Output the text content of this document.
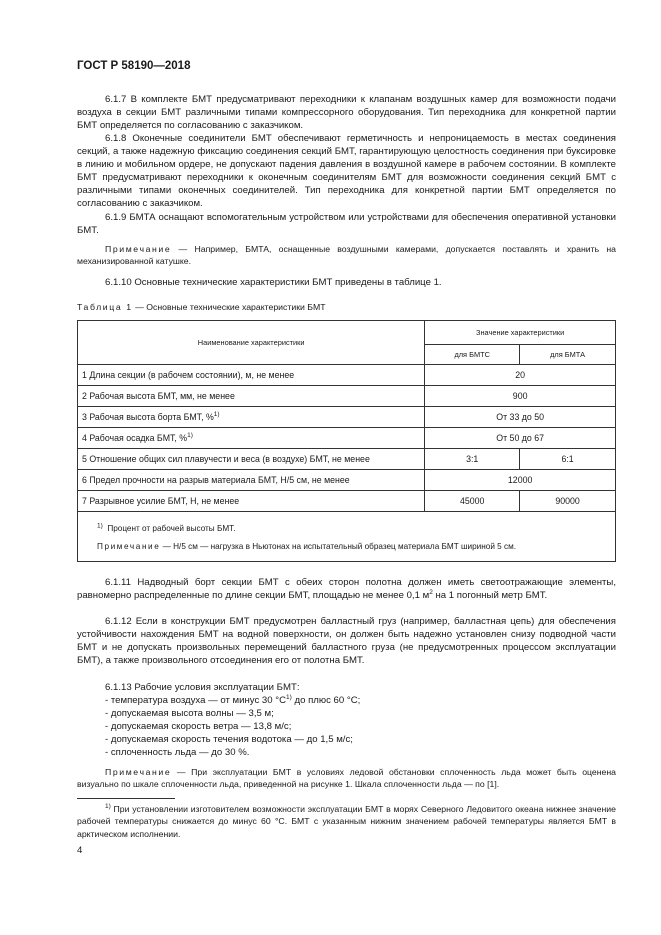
ГОСТ Р 58190—2018

6.1.7 В комплекте БМТ предусматривают переходники к клапанам воздушных камер для возможности подачи воздуха в секции БМТ различными типами компрессорного оборудования. Тип переходника для конкретной партии БМТ определяется по согласованию с заказчиком.

6.1.8 Оконечные соединители БМТ обеспечивают герметичность и непроницаемость в местах соединения секций, а также надежную фиксацию соединения секций БМТ, гарантирующую целостность соединения при буксировке в линию и мобильном ордере, не допускают падения давления в воздушной камере в рабочем состоянии. В комплекте БМТ предусматривают переходники к оконечным соединителям БМТ для возможности соединения секций БМТ с различными типами оконечных соединителей. Тип переходника для конкретной партии БМТ определяется по согласованию с заказчиком.

6.1.9 БМТА оснащают вспомогательным устройством или устройствами для обеспечения оперативной установки БМТ.

Примечание — Например, БМТА, оснащенные воздушными камерами, допускается поставлять и хранить на механизированной катушке.

6.1.10 Основные технические характеристики БМТ приведены в таблице 1.

Таблица 1 — Основные технические характеристики БМТ
Наименование характеристики	Значение характеристики	
	для БМТС	для БМТА
1 Длина секции (в рабочем состоянии), м, не менее	20	
2 Рабочая высота БМТ, мм, не менее	900	
3 Рабочая высота борта БМТ, %$^{1)}$	От 33 до 50	
4 Рабочая осадка БМТ, %$^{1)}$	От 50 до 67	
5 Отношение общих сил плавучести и веса (в воздухе) БМТ, не менее	3:1	6:1
6 Предел прочности на разрыв материала БМТ, Н/5 см, не менее	12000	
7 Разрывное усилие БМТ, Н, не менее	45000	90000

$^{1)}$ Процент от рабочей высоты БМТ.
Примечание — Н/5 см — нагрузка в Ньютонах на испытательный образец материала БМТ шириной 5 см.		

6.1.11 Надводный борт секции БМТ с обеих сторон полотна должен иметь светоотражающие элементы, равномерно распределенные по длине секции БМТ, площадью не менее 0,1 $м^2$ на 1 погонный метр БМТ.

6.1.12 Если в конструкции БМТ предусмотрен балластный груз (например, балластная цепь) для обеспечения устойчивости нахождения БМТ на водной поверхности, он должен быть надежно установлен снизу подводной части БМТ и не допускать произвольных перемещений балластного груза (не предусмотренных процессом эксплуатации БМТ), а также произвольного отсоединения его от полотна БМТ.

6.1.13 Рабочие условия эксплуатации БМТ:

- температура воздуха — от минус 30 $^\circ С^{1)}$ до плюс 60 °С;
- допускаемая высота волны — 3,5 м;
- допускаемая скорость ветра — 13,8 м/с;
- допускаемая скорость течения водотока — до 1,5 м/с;
- сплоченность льда — до 30 %.

Примечание — При эксплуатации БМТ в условиях ледовой обстановки сплоченность льда может быть оценена визуально по шкале сплоченности льда, приведенной на рисунке 1. Шкала сплоченности льда — по [1].

$^{1)}$ При установлении изготовителем возможности эксплуатации БМТ в морях Северного Ледовитого океана нижнее значение рабочей температуры снижается до минус 60 °С. БМТ с указанным нижним значением рабочей температуры является БМТ в арктическом исполнении.

4
